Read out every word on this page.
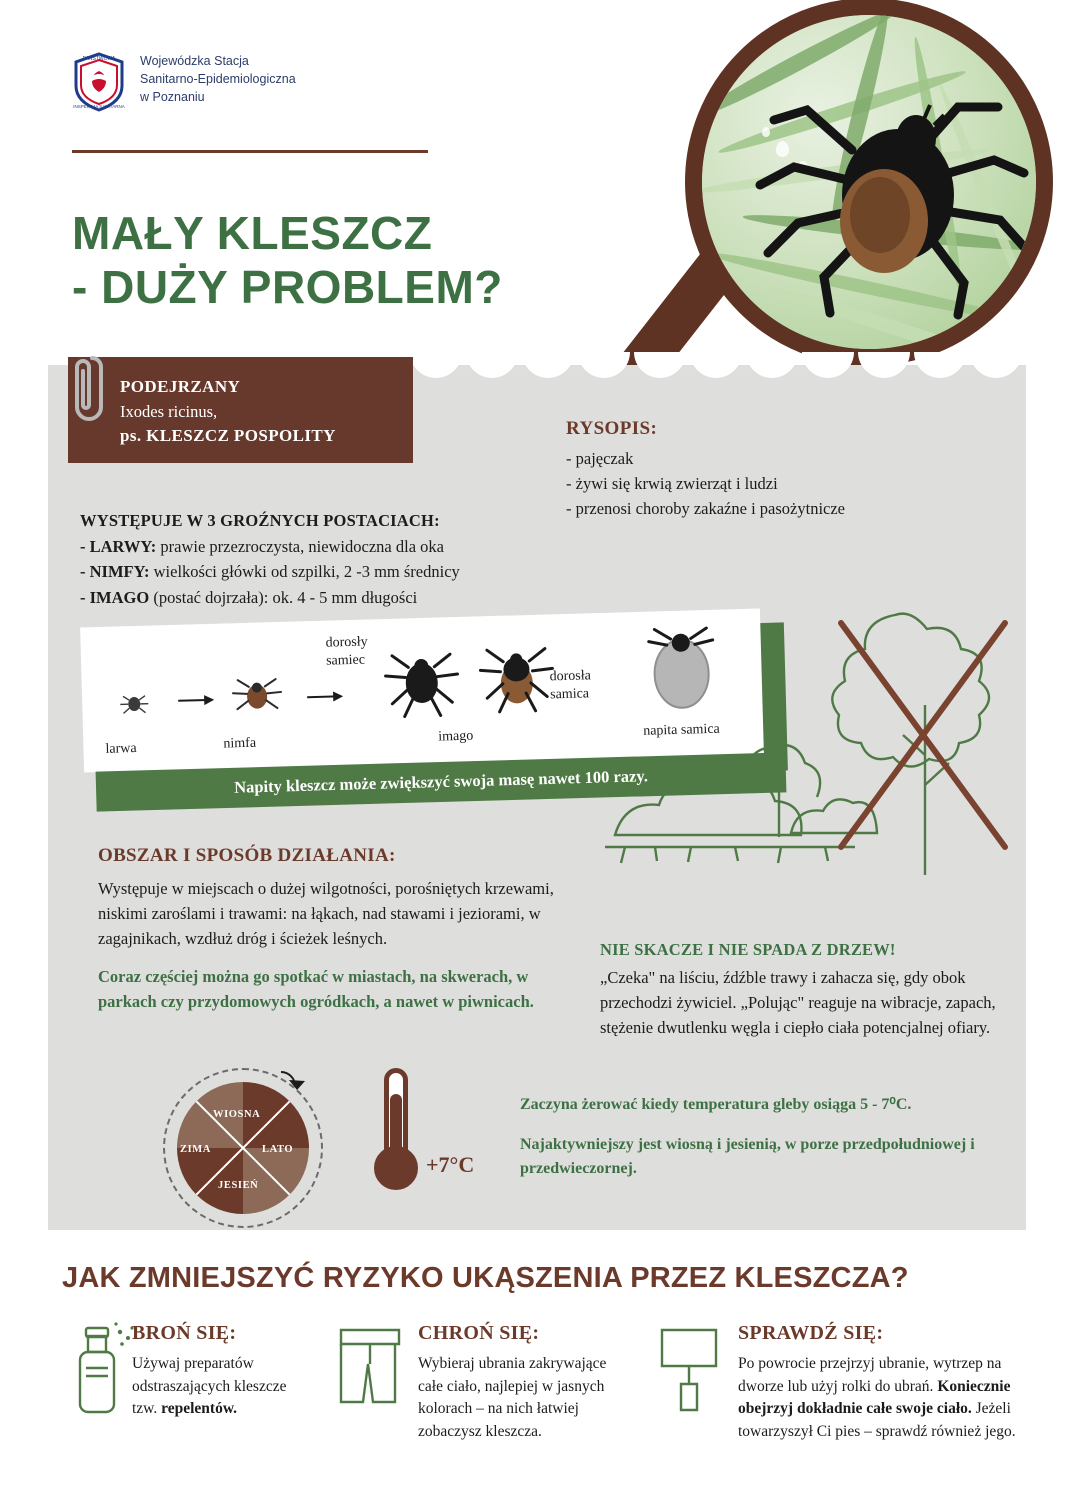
PAŃSTWOWA
INSPEKCJA SANITARNA
Wojewódzka Stacja
Sanitarno-Epidemiologiczna
w Poznaniu
MAŁY KLESZCZ
- DUŻY PROBLEM?
PODEJRZANY
Ixodes ricinus,
ps. KLESZCZ POSPOLITY	RYSOPIS:
- pajęczak
- żywi się krwią zwierząt i ludzi
- przenosi choroby zakaźne i pasożytnicze
WYSTĘPUJE W 3 GROŹNYCH POSTACIACH:
- LARWY: prawie przezroczysta, niewidoczna dla oka
- NIMFY: wielkości główki od szpilki, 2 -3 mm średnicy
- IMAGO (postać dojrzała): ok. 4 - 5 mm długości
larwa	nimfa
dorosły
samiec
dorosła
samica
imago	napita samica
Napity kleszcz może zwiększyć swoja masę nawet 100 razy.
OBSZAR I SPOSÓB DZIAŁANIA:

Występuje w miejscach o dużej wilgotności, porośniętych krzewami, niskimi zaroślami i trawami: na łąkach, nad stawami i jeziorami, w zagajnikach, wzdłuż dróg i ścieżek leśnych.

Coraz częściej można go spotkać w miastach, na skwerach, w parkach czy przydomowych ogródkach, a nawet w piwnicach.

NIE SKACZE I NIE SPADA Z DRZEW!

„Czeka" na liściu, źdźble trawy i zahacza się, gdy obok przechodzi żywiciel. „Polując" reaguje na wibracje, zapach, stężenie dwutlenku węgla i ciepło ciała potencjalnej ofiary.

WIOSNA
LATO
JESIEŃ
ZIMA
+7°C

Zaczyna żerować kiedy temperatura gleby osiąga 5 - 7⁰C.

Najaktywniejszy jest wiosną i jesienią, w porze przedpołudniowej i przedwieczornej.

JAK ZMNIEJSZYĆ RYZYKO UKĄSZENIA PRZEZ KLESZCZA?
BROŃ SIĘ:

Używaj preparatów odstraszających kleszcze tzw. repelentów.

CHROŃ SIĘ:

Wybieraj ubrania zakrywające całe ciało, najlepiej w jasnych kolorach – na nich łatwiej zobaczysz kleszcza.

SPRAWDŹ SIĘ:

Po powrocie przejrzyj ubranie, wytrzep na dworze lub użyj rolki do ubrań. Koniecznie obejrzyj dokładnie całe swoje ciało. Jeżeli towarzyszył Ci pies – sprawdź również jego.
